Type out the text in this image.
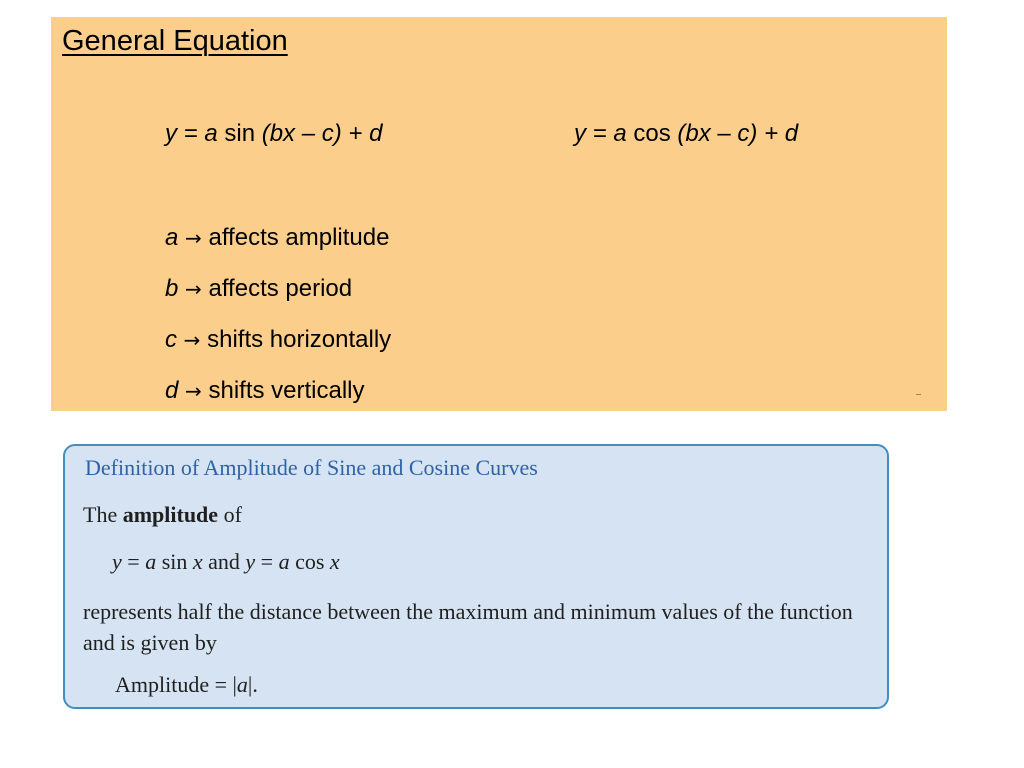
General Equation
y = a sin (bx – c) + d	y = a cos (bx – c) + d
a → affects amplitude
b → affects period
c → shifts horizontally
d → shifts vertically
Definition of Amplitude of Sine and Cosine Curves
The amplitude of
y = a sin x and y = a cos x
represents half the distance between the maximum and minimum values of the function and is given by
Amplitude = |a|.
